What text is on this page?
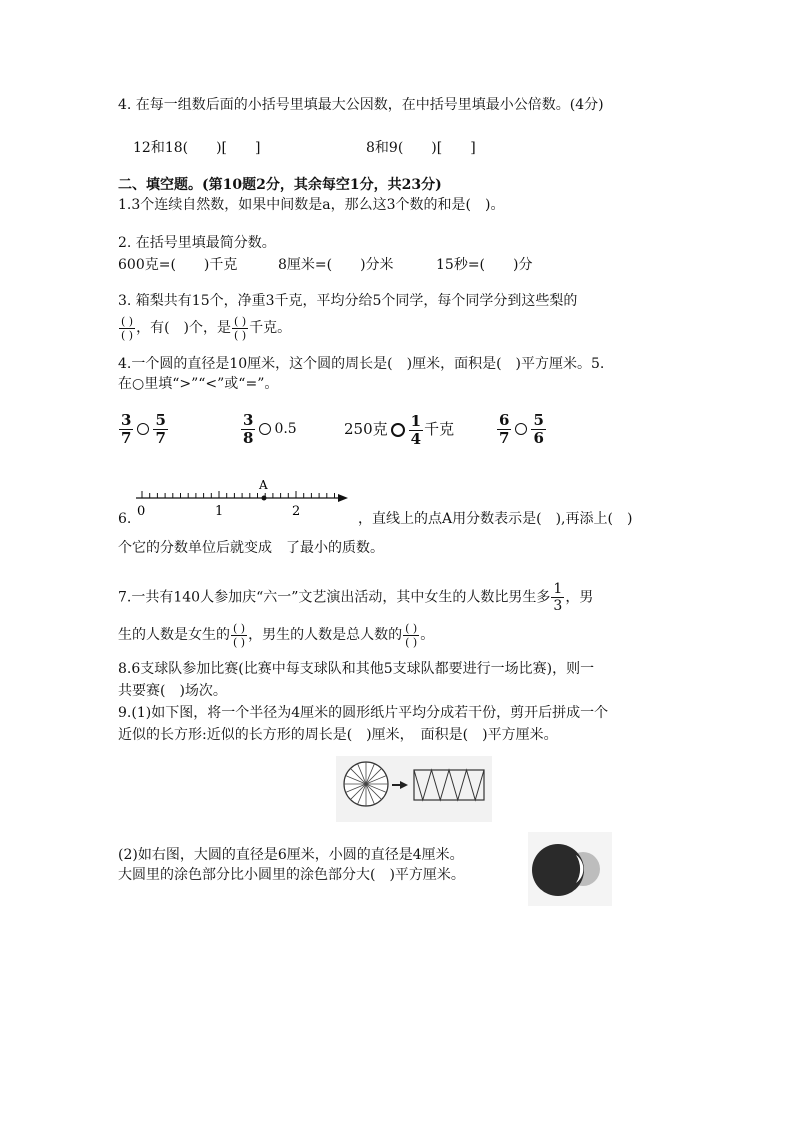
4. 在每一组数后面的小括号里填最大公因数，在中括号里填最小公倍数。(4分)
12和18(　　)[　　]	8和9(　　)[　　]
二、填空题。(第10题2分，其余每空1分，共23分)
1.3个连续自然数，如果中间数是a，那么这3个数的和是(　)。
2. 在括号里填最简分数。
600克=(　　)千克	8厘米=(　　)分米	15秒=(　　)分
3. 箱梨共有15个，净重3千克，平均分给5个同学，每个同学分到这些梨的
$\frac{( )}{( )}$ ，有(　)个，是 $\frac{( )}{( )}$ 千克。
4.一个圆的直径是10厘米，这个圆的周长是(　)厘米，面积是(　)平方厘米。5.
在○里填“>”“<”或“=”。
$\frac{3}{7} \frac{5}{7}$	$\frac{3}{8} 0.5$	250克 $\frac{1}{4}$ 千克	$\frac{6}{7} \frac{5}{6}$
6.
A
0	1	2	，直线上的点A用分数表示是(　),再添上(　)
个它的分数单位后就变成　了最小的质数。
7.一共有140人参加庆“六一”文艺演出活动，其中女生的人数比男生多 $\frac{1}{3}$ ，男
生的人数是女生的 $\frac{( )}{( )}$ ，男生的人数是总人数的 $\frac{( )}{( )}$ 。
8.6支球队参加比赛(比赛中每支球队和其他5支球队都要进行一场比赛)，则一
共要赛(　)场次。
9.(1)如下图，将一个半径为4厘米的圆形纸片平均分成若干份，剪开后拼成一个
近似的长方形:近似的长方形的周长是(　)厘米，　面积是(　)平方厘米。
(2)如右图，大圆的直径是6厘米，小圆的直径是4厘米。
大圆里的涂色部分比小圆里的涂色部分大(　)平方厘米。
